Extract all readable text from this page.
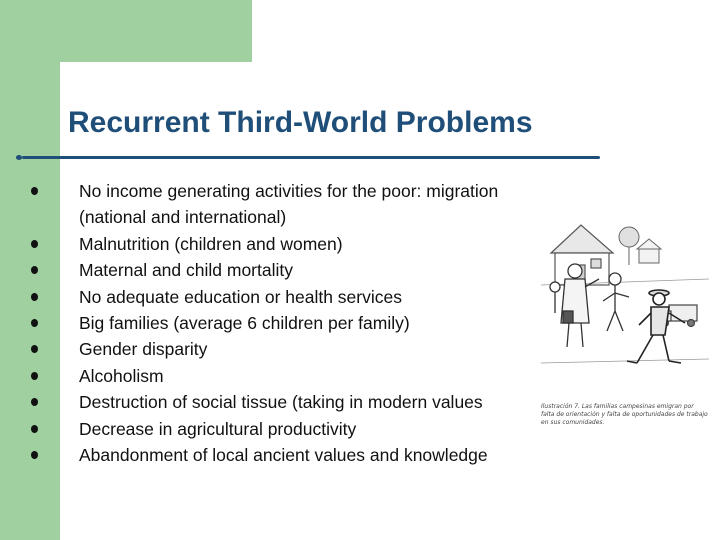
Recurrent Third-World Problems
No income generating activities for the poor: migration
(national and international)
Malnutrition (children and women)
Maternal and child mortality
No adequate education or health services
Big families (average 6 children per family)
Gender disparity
Alcoholism
Destruction of social tissue (taking in modern values
Decrease in agricultural productivity
Abandonment of local ancient values and knowledge
Ilustración 7. Las familias campesinas emigran por falta de orientación y falta de oportunidades de trabajo en sus comunidades.
